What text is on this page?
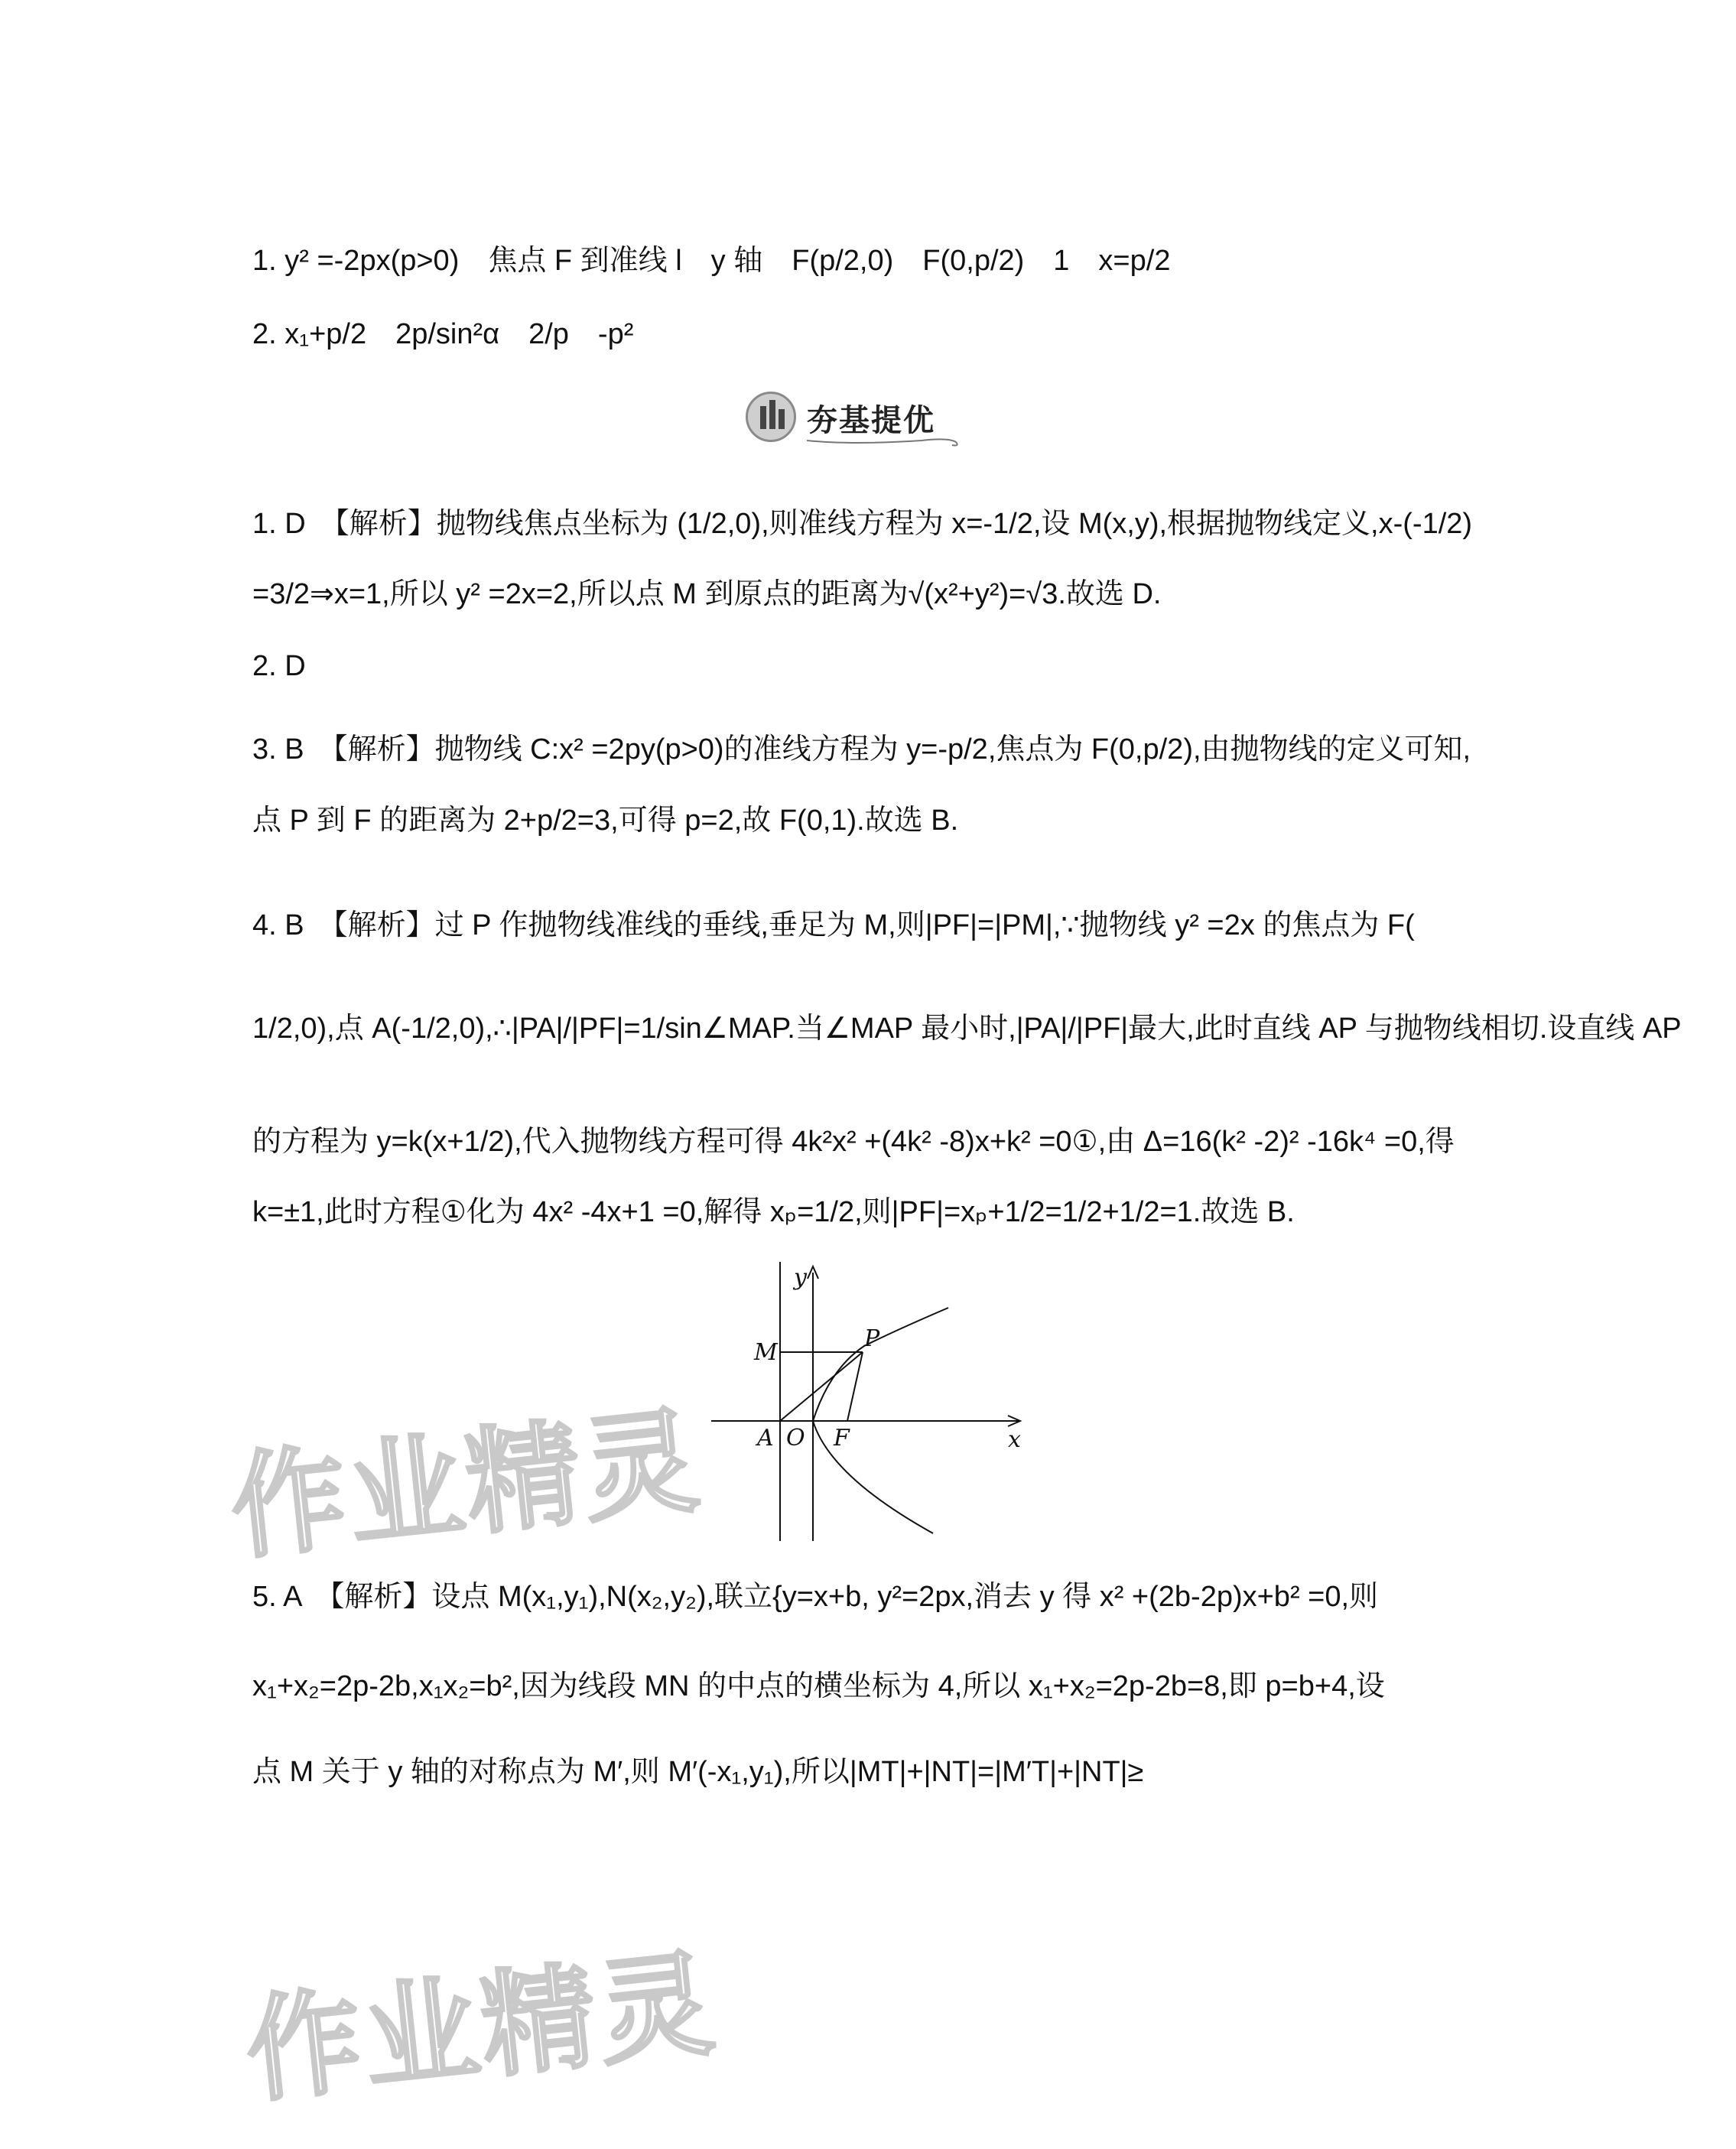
1. y² =-2px(p>0)　焦点 F 到准线 l　y 轴　F(p/2,0)　F(0,p/2)　1　x=p/2
2. x₁+p/2　2p/sin²α　2/p　-p²
夯基提优
1. D　【解析】抛物线焦点坐标为 (1/2,0),则准线方程为 x=-1/2,设 M(x,y),根据抛物线定义,x-(-1/2)
=3/2⇒x=1,所以 y² =2x=2,所以点 M 到原点的距离为√(x²+y²)=√3.故选 D.
2. D
3. B　【解析】抛物线 C:x² =2py(p>0)的准线方程为 y=-p/2,焦点为 F(0,p/2),由抛物线的定义可知,
点 P 到 F 的距离为 2+p/2=3,可得 p=2,故 F(0,1).故选 B.
4. B　【解析】过 P 作抛物线准线的垂线,垂足为 M,则|PF|=|PM|,∵抛物线 y² =2x 的焦点为 F(
1/2,0),点 A(-1/2,0),∴|PA|/|PF|=1/sin∠MAP.当∠MAP 最小时,|PA|/|PF|最大,此时直线 AP 与抛物线相切.设直线 AP
的方程为 y=k(x+1/2),代入抛物线方程可得 4k²x² +(4k² -8)x+k² =0①,由 Δ=16(k² -2)² -16k⁴ =0,得
k=±1,此时方程①化为 4x² -4x+1 =0,解得 xₚ=1/2,则|PF|=xₚ+1/2=1/2+1/2=1.故选 B.
y
x
M
P
A O F
5. A　【解析】设点 M(x₁,y₁),N(x₂,y₂),联立{y=x+b, y²=2px,消去 y 得 x² +(2b-2p)x+b² =0,则
x₁+x₂=2p-2b,x₁x₂=b²,因为线段 MN 的中点的横坐标为 4,所以 x₁+x₂=2p-2b=8,即 p=b+4,设
点 M 关于 y 轴的对称点为 M′,则 M′(-x₁,y₁),所以|MT|+|NT|=|M′T|+|NT|≥
作业精灵
作业精灵
